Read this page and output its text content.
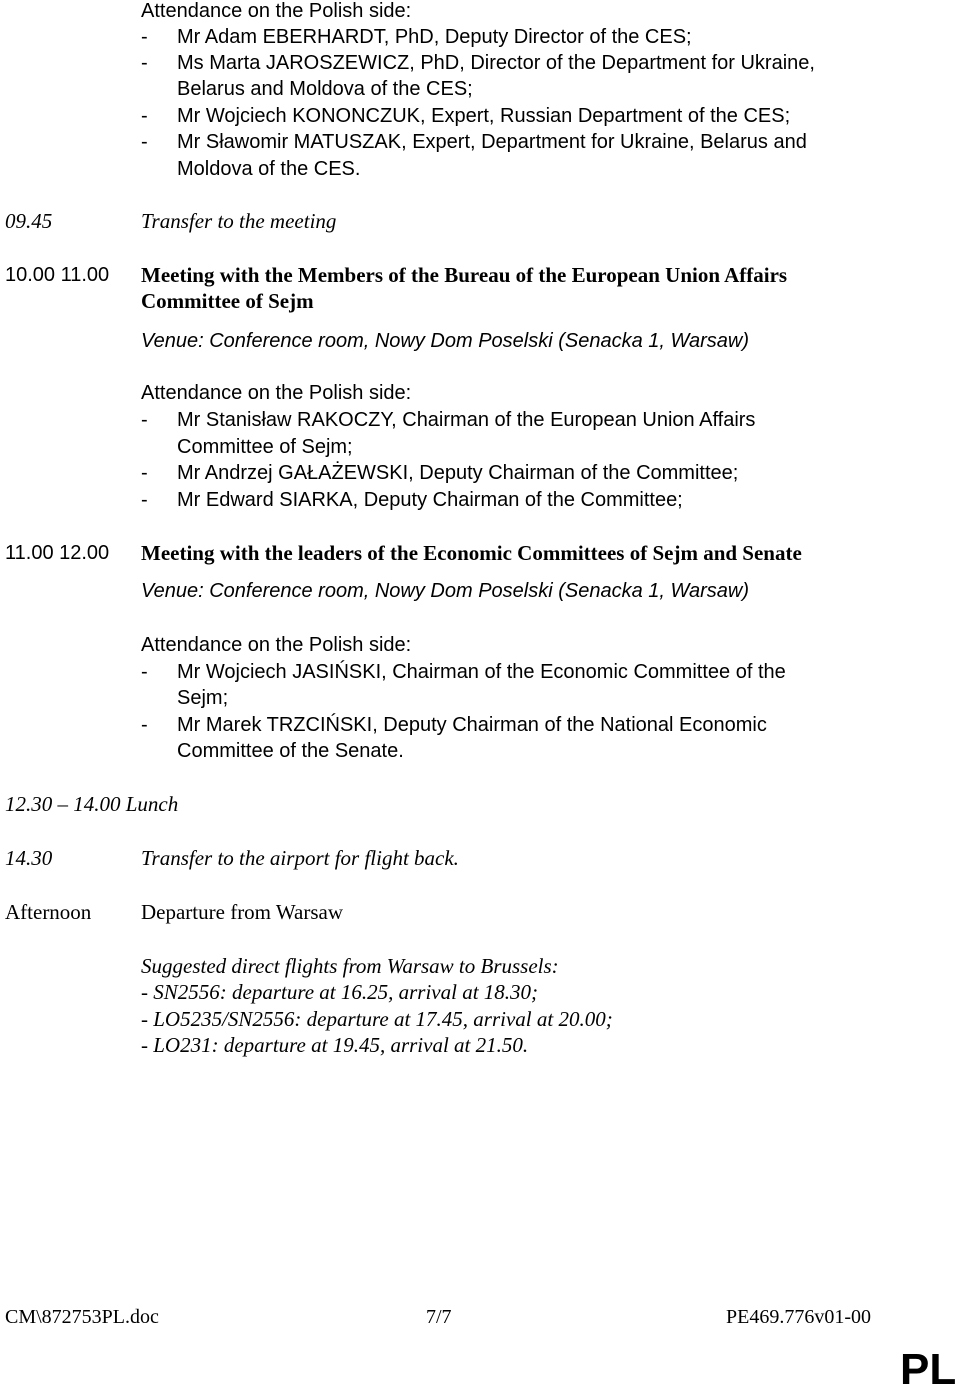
Attendance on the Polish side:
- Mr Adam EBERHARDT, PhD, Deputy Director of the CES;
- Ms Marta JAROSZEWICZ, PhD, Director of the Department for Ukraine,
Belarus and Moldova of the CES;
- Mr Wojciech KONONCZUK, Expert, Russian Department of the CES;
- Mr Sławomir MATUSZAK, Expert, Department for Ukraine, Belarus and
Moldova of the CES.
09.45	Transfer to the meeting
10.00 11.00 Meeting with the Members of the Bureau of the European Union Affairs
Committee of Sejm
Venue: Conference room, Nowy Dom Poselski (Senacka 1, Warsaw)
Attendance on the Polish side:
- Mr Stanisław RAKOCZY, Chairman of the European Union Affairs
Committee of Sejm;
- Mr Andrzej GAŁAŻEWSKI, Deputy Chairman of the Committee;
- Mr Edward SIARKA, Deputy Chairman of the Committee;
11.00 12.00 Meeting with the leaders of the Economic Committees of Sejm and Senate
Venue: Conference room, Nowy Dom Poselski (Senacka 1, Warsaw)
Attendance on the Polish side:
- Mr Wojciech JASIŃSKI, Chairman of the Economic Committee of the
Sejm;
- Mr Marek TRZCIŃSKI, Deputy Chairman of the National Economic
Committee of the Senate.
12.30 – 14.00 Lunch
14.30	Transfer to the airport for flight back.
Afternoon Departure from Warsaw
Suggested direct flights from Warsaw to Brussels:
- SN2556: departure at 16.25, arrival at 18.30;
- LO5235/SN2556: departure at 17.45, arrival at 20.00;
- LO231: departure at 19.45, arrival at 21.50.
CM\872753PL.doc	7/7	PE469.776v01-00
PL
